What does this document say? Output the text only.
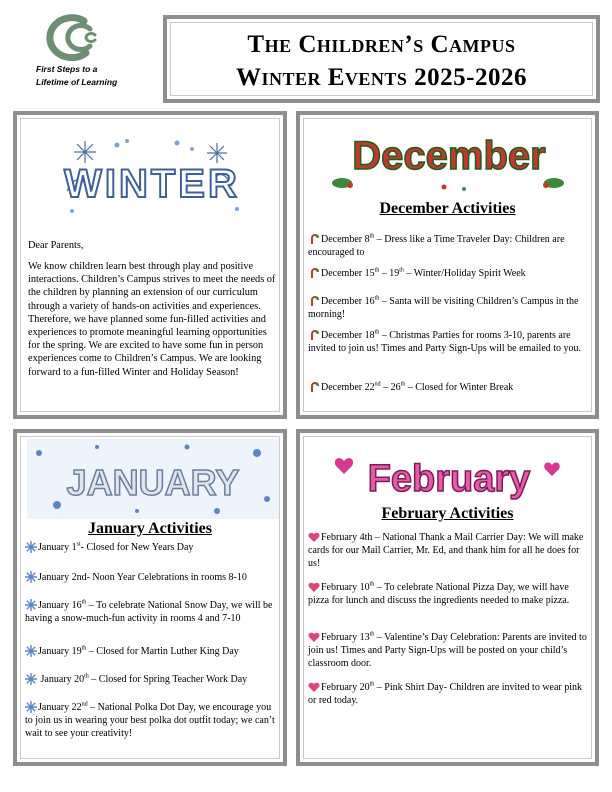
First Steps to a
Lifetime of Learning
The Children’s Campus
Winter Events 2025-2026
WINTER
Dear Parents,
We know children learn best through play and positive interactions. Children’s Campus strives to meet the needs of the children by planning an extension of our curriculum through a variety of hands-on activities and experiences. Therefore, we have planned some fun-filled activities and experiences to promote meaningful learning opportunities for the spring. We are excited to have some fun in person experiences come to Children’s Campus. We are looking forward to a fun-filled Winter and Holiday Season!
December
December Activities
December 8th – Dress like a Time Traveler Day: Children are encouraged to
December 15th – 19th – Winter/Holiday Spirit Week
December 16th – Santa will be visiting Children’s Campus in the morning!
December 18th – Christmas Parties for rooms 3-10, parents are invited to join us! Times and Party Sign-Ups will be emailed to you.
December 22nd – 26th – Closed for Winter Break
JANUARY
January Activities
January 1st- Closed for New Years Day
January 2nd- Noon Year Celebrations in rooms 8-10
January 16th – To celebrate National Snow Day, we will be having a snow-much-fun activity in rooms 4 and 7-10
January 19th – Closed for Martin Luther King Day
January 20th – Closed for Spring Teacher Work Day
January 22nd – National Polka Dot Day, we encourage you to join us in wearing your best polka dot outfit today; we can’t wait to see your creativity!
February
February Activities
February 4th – National Thank a Mail Carrier Day: We will make cards for our Mail Carrier, Mr. Ed, and thank him for all he does for us!
February 10th – To celebrate National Pizza Day, we will have pizza for lunch and discuss the ingredients needed to make pizza.
February 13th – Valentine’s Day Celebration: Parents are invited to join us! Times and Party Sign-Ups will be posted on your child’s classroom door.
February 20th – Pink Shirt Day- Children are invited to wear pink or red today.
